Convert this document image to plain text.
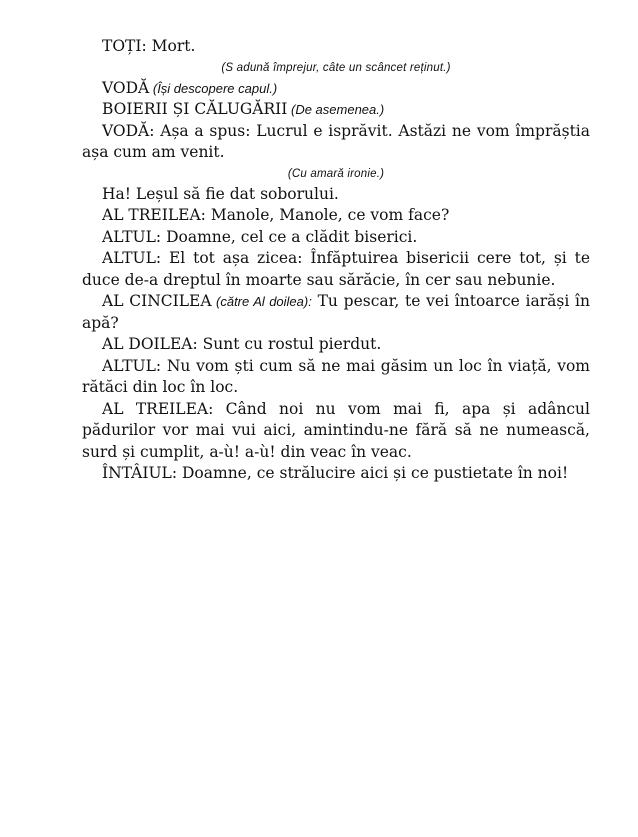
TOȚI: Mort.

(S adună împrejur, câte un scâncet reținut.)

VODĂ (Își descopere capul.)

BOIERII ȘI CĂLUGĂRII (De asemenea.)

VODĂ: Așa a spus: Lucrul e isprăvit. Astăzi ne vom împrăștia așa cum am venit.

(Cu amară ironie.)

Ha! Leșul să fie dat soborului.

AL TREILEA: Manole, Manole, ce vom face?

ALTUL: Doamne, cel ce a clădit biserici.

ALTUL: El tot așa zicea: Înfăptuirea bisericii cere tot, și te duce de-a dreptul în moarte sau sărăcie, în cer sau nebunie.

AL CINCILEA (către Al doilea): Tu pescar, te vei întoarce iarăși în apă?

AL DOILEA: Sunt cu rostul pierdut.

ALTUL: Nu vom ști cum să ne mai găsim un loc în viață, vom rătăci din loc în loc.

AL TREILEA: Când noi nu vom mai fi, apa și adâncul pădurilor vor mai vui aici, amintindu-ne fără să ne numească, surd și cumplit, a-ù! a-ù! din veac în veac.

ÎNTÂIUL: Doamne, ce strălucire aici și ce pustietate în noi!
